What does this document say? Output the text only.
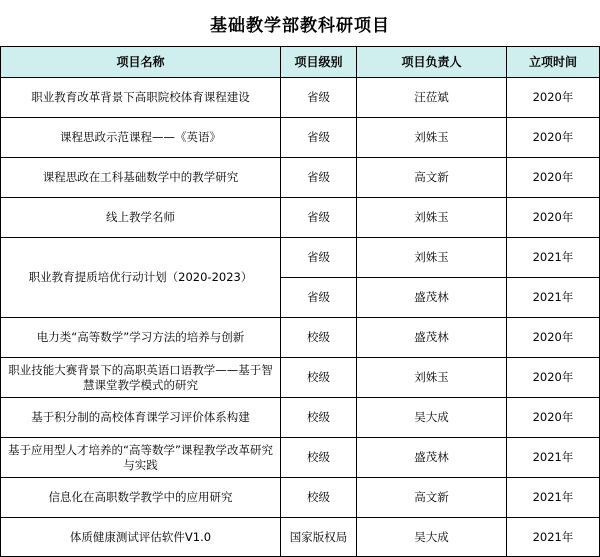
基础教学部教科研项目
项目名称	项目级别	项目负责人	立项时间
职业教育改革背景下高职院校体育课程建设	省级	汪莅斌	2020年
课程思政示范课程——《英语》	省级	刘姝玉	2020年
课程思政在工科基础数学中的教学研究	省级	高文新	2020年
线上教学名师	省级	刘姝玉	2020年
职业教育提质培优行动计划（2020-2023）	省级	刘姝玉	2021年
	省级	盛茂林	2021年
电力类“高等数学”学习方法的培养与创新	校级	盛茂林	2020年
职业技能大赛背景下的高职英语口语教学——基于智慧课堂教学模式的研究	校级	刘姝玉	2020年
基于积分制的高校体育课学习评价体系构建	校级	吴大成	2020年
基于应用型人才培养的“高等数学”课程教学改革研究与实践	校级	盛茂林	2021年
信息化在高职数学教学中的应用研究	校级	高文新	2021年
体质健康测试评估软件V1.0	国家版权局	吴大成	2021年
